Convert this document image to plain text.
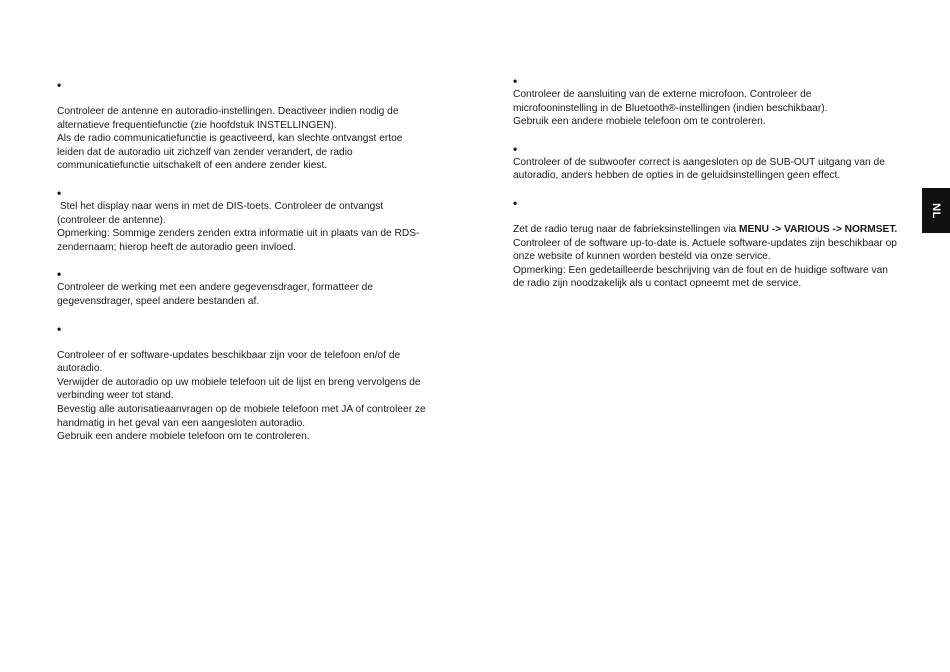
•

Controleer de antenne en autoradio-instellingen. Deactiveer indien nodig de alternatieve frequentiefunctie (zie hoofdstuk INSTELLINGEN).

Als de radio communicatiefunctie is geactiveerd, kan slechte ontvangst ertoe leiden dat de autoradio uit zichzelf van zender verandert, de radio communicatiefunctie uitschakelt of een andere zender kiest.

•

Stel het display naar wens in met de DIS-toets. Controleer de ontvangst (controleer de antenne).

Opmerking: Sommige zenders zenden extra informatie uit in plaats van de RDS-zendernaam; hierop heeft de autoradio geen invloed.

•

Controleer de werking met een andere gegevensdrager, formatteer de gegevensdrager, speel andere bestanden af.

•

Controleer of er software-updates beschikbaar zijn voor de telefoon en/of de autoradio.

Verwijder de autoradio op uw mobiele telefoon uit de lijst en breng vervolgens de verbinding weer tot stand.

Bevestig alle autorisatieaanvragen op de mobiele telefoon met JA of controleer ze handmatig in het geval van een aangesloten autoradio.

Gebruik een andere mobiele telefoon om te controleren.

•

Controleer de aansluiting van de externe microfoon. Controleer de microfooninstelling in de Bluetooth®-instellingen (indien beschikbaar).

Gebruik een andere mobiele telefoon om te controleren.

•

Controleer of de subwoofer correct is aangesloten op de SUB-OUT uitgang van de autoradio, anders hebben de opties in de geluidsinstellingen geen effect.

•

Zet de radio terug naar de fabrieksinstellingen via MENU -> VARIOUS -> NORMSET.

Controleer of de software up-to-date is. Actuele software-updates zijn beschikbaar op onze website of kunnen worden besteld via onze service.

Opmerking: Een gedetailleerde beschrijving van de fout en de huidige software van de radio zijn noodzakelijk als u contact opneemt met de service.

NL
